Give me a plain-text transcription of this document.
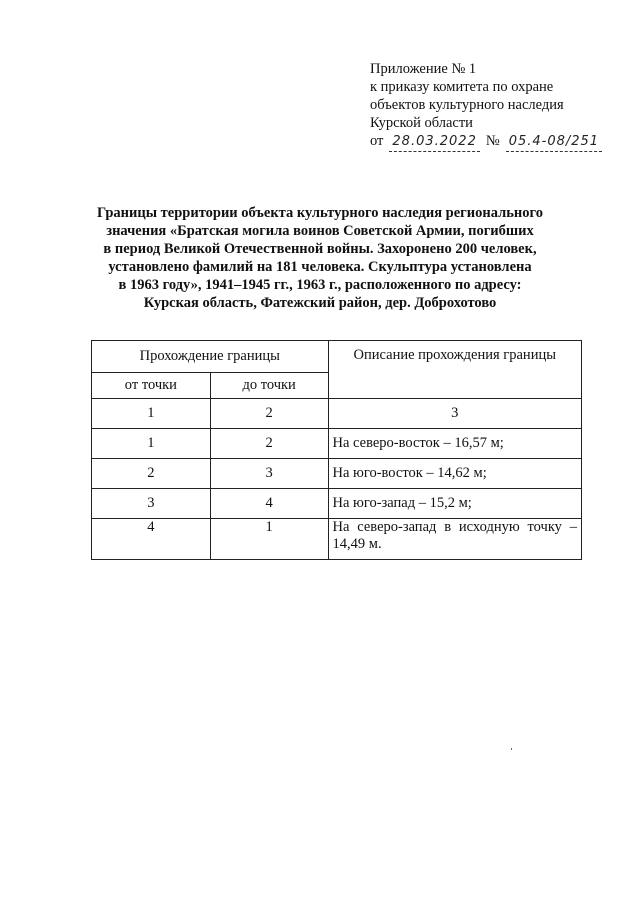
Приложение № 1
к приказу комитета по охране
объектов культурного наследия
Курской области
от 28.03.2022 № 05.4-08/251
Границы территории объекта культурного наследия регионального
значения «Братская могила воинов Советской Армии, погибших
в период Великой Отечественной войны. Захоронено 200 человек,
установлено фамилий на 181 человека. Скульптура установлена
в 1963 году», 1941–1945 гг., 1963 г., расположенного по адресу:
Курская область, Фатежский район, дер. Доброхотово
Прохождение границы		Описание прохождения границы
от точки	до точки	
1	2	3
1	2	На северо-восток – 16,57 м;
2	3	На юго-восток – 14,62 м;
3	4	На юго-запад – 15,2 м;
4	1	На северо-запад в исходную точку – 14,49 м.
